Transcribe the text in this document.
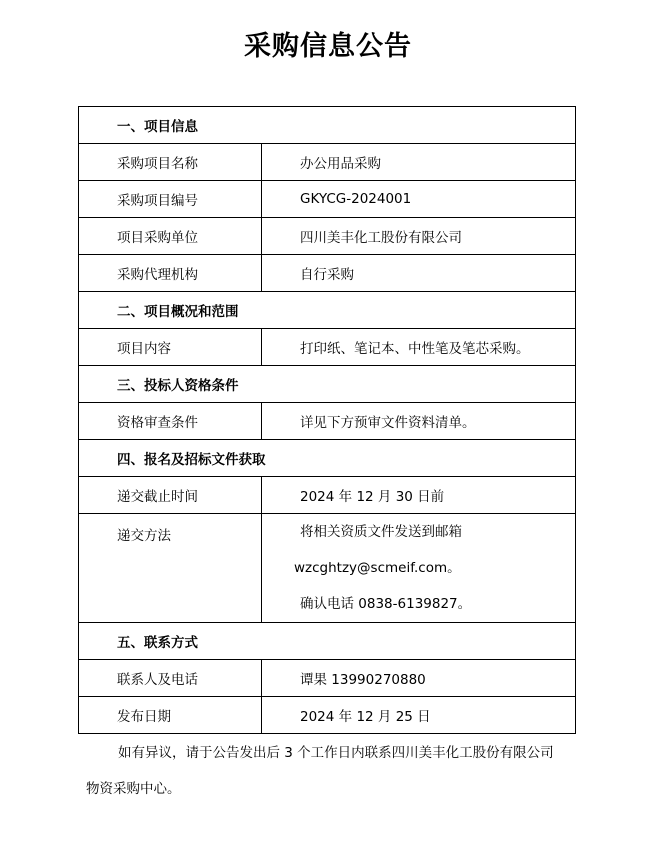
采购信息公告
一、项目信息	
采购项目名称	办公用品采购
采购项目编号	GKYCG-2024001
项目采购单位	四川美丰化工股份有限公司
采购代理机构	自行采购
二、项目概况和范围	
项目内容	打印纸、笔记本、中性笔及笔芯采购。
三、投标人资格条件	
资格审查条件	详见下方预审文件资料清单。
四、报名及招标文件获取	
递交截止时间	2024 年 12 月 30 日前
递交方法	将相关资质文件发送到邮箱
wzcghtzy@scmeif.com。
确认电话 0838-6139827。

五、联系方式	
联系人及电话	谭果 13990270880
发布日期	2024 年 12 月 25 日
如有异议，请于公告发出后 3 个工作日内联系四川美丰化工股份有限公司
物资采购中心。
